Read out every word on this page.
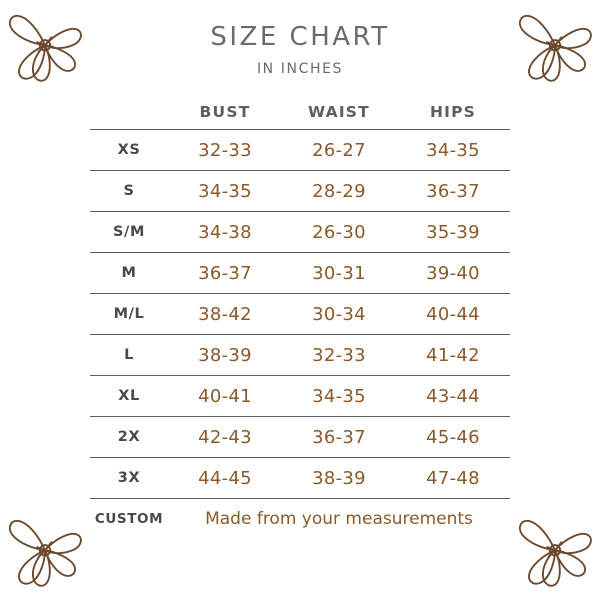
SIZE CHART
IN INCHES
	BUST	WAIST	HIPS
XS	32-33	26-27	34-35
S	34-35	28-29	36-37
S/M	34-38	26-30	35-39
M	36-37	30-31	39-40
M/L	38-42	30-34	40-44
L	38-39	32-33	41-42
XL	40-41	34-35	43-44
2X	42-43	36-37	45-46
3X	44-45	38-39	47-48
CUSTOM	Made from your measurements		
